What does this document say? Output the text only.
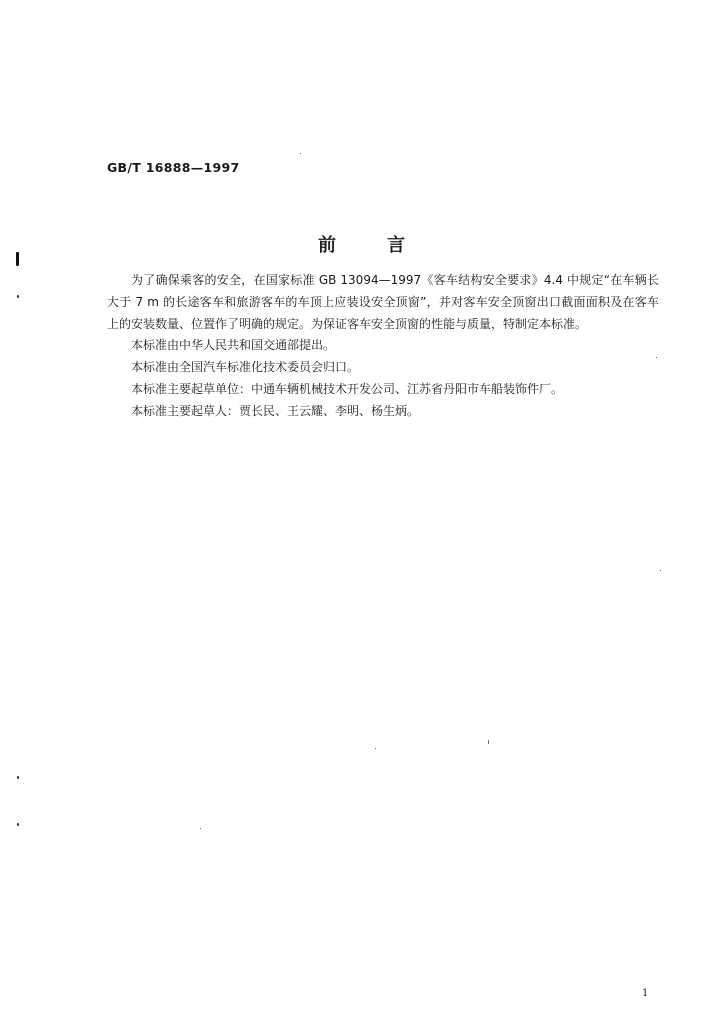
GB/T 16888—1997
前	言

为了确保乘客的安全，在国家标准 GB 13094—1997《客车结构安全要求》4.4 中规定“在车辆长大于 7 m 的长途客车和旅游客车的车顶上应装设安全顶窗”，并对客车安全顶窗出口截面面积及在客车上的安装数量、位置作了明确的规定。为保证客车安全顶窗的性能与质量，特制定本标准。

本标准由中华人民共和国交通部提出。

本标准由全国汽车标准化技术委员会归口。

本标准主要起草单位：中通车辆机械技术开发公司、江苏省丹阳市车船装饰件厂。

本标准主要起草人：贾长民、王云耀、李明、杨生炳。

1
